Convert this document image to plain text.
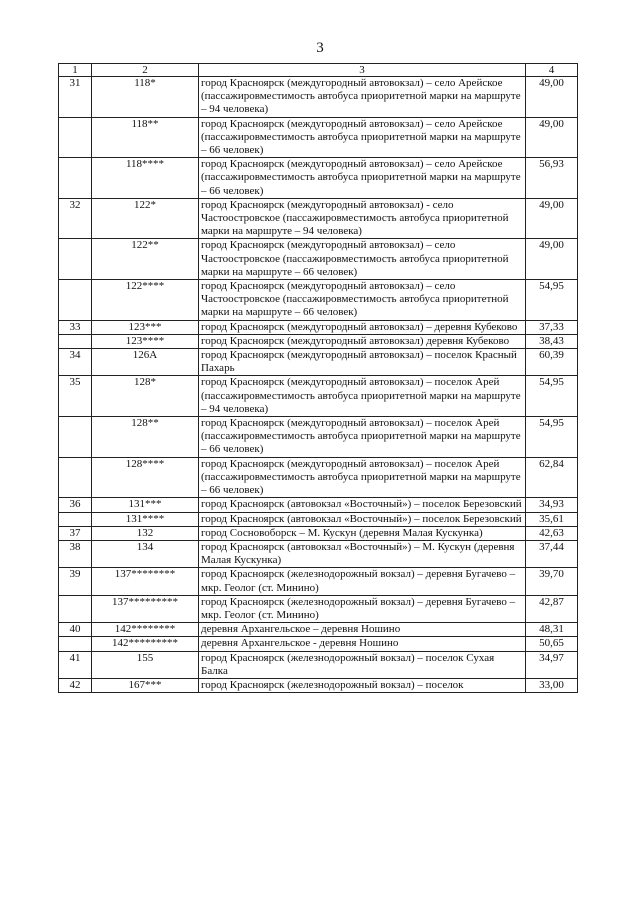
3
1	2	3	4
31	118*	город Красноярск (междугородный автовокзал) – село Арейское (пассажировместимость автобуса приоритетной марки на маршруте – 94 человека)	49,00
	118**	город Красноярск (междугородный автовокзал) – село Арейское (пассажировместимость автобуса приоритетной марки на маршруте – 66 человек)	49,00
	118****	город Красноярск (междугородный автовокзал) – село Арейское (пассажировместимость автобуса приоритетной марки на маршруте – 66 человек)	56,93
32	122*	город Красноярск (междугородный автовокзал) - село Частоостровское (пассажировместимость автобуса приоритетной марки на маршруте – 94 человека)	49,00
	122**	город Красноярск (междугородный автовокзал) – село Частоостровское (пассажировместимость автобуса приоритетной марки на маршруте – 66 человек)	49,00
	122****	город Красноярск (междугородный автовокзал) – село Частоостровское (пассажировместимость автобуса приоритетной марки на маршруте – 66 человек)	54,95
33	123***	город Красноярск (междугородный автовокзал) – деревня Кубеково	37,33
	123****	город Красноярск (междугородный автовокзал) деревня Кубеково	38,43
34	126А	город Красноярск (междугородный автовокзал) – поселок Красный Пахарь	60,39
35	128*	город Красноярск (междугородный автовокзал) – поселок Арей (пассажировместимость автобуса приоритетной марки на маршруте – 94 человека)	54,95
	128**	город Красноярск (междугородный автовокзал) – поселок Арей (пассажировместимость автобуса приоритетной марки на маршруте – 66 человек)	54,95
	128****	город Красноярск (междугородный автовокзал) – поселок Арей (пассажировместимость автобуса приоритетной марки на маршруте – 66 человек)	62,84
36	131***	город Красноярск (автовокзал «Восточный») – поселок Березовский	34,93
	131****	город Красноярск (автовокзал «Восточный») – поселок Березовский	35,61
37	132	город Сосновоборск – М. Кускун (деревня Малая Кускунка)	42,63
38	134	город Красноярск (автовокзал «Восточный») – М. Кускун (деревня Малая Кускунка)	37,44
39	137********	город Красноярск (железнодорожный вокзал) – деревня Бугачево – мкр. Геолог (ст. Минино)	39,70
	137*********	город Красноярск (железнодорожный вокзал) – деревня Бугачево – мкр. Геолог (ст. Минино)	42,87
40	142********	деревня Архангельское – деревня Ношино	48,31
	142*********	деревня Архангельское - деревня Ношино	50,65
41	155	город Красноярск (железнодорожный вокзал) – поселок Сухая Балка	34,97
42	167***	город Красноярск (железнодорожный вокзал) – поселок	33,00
